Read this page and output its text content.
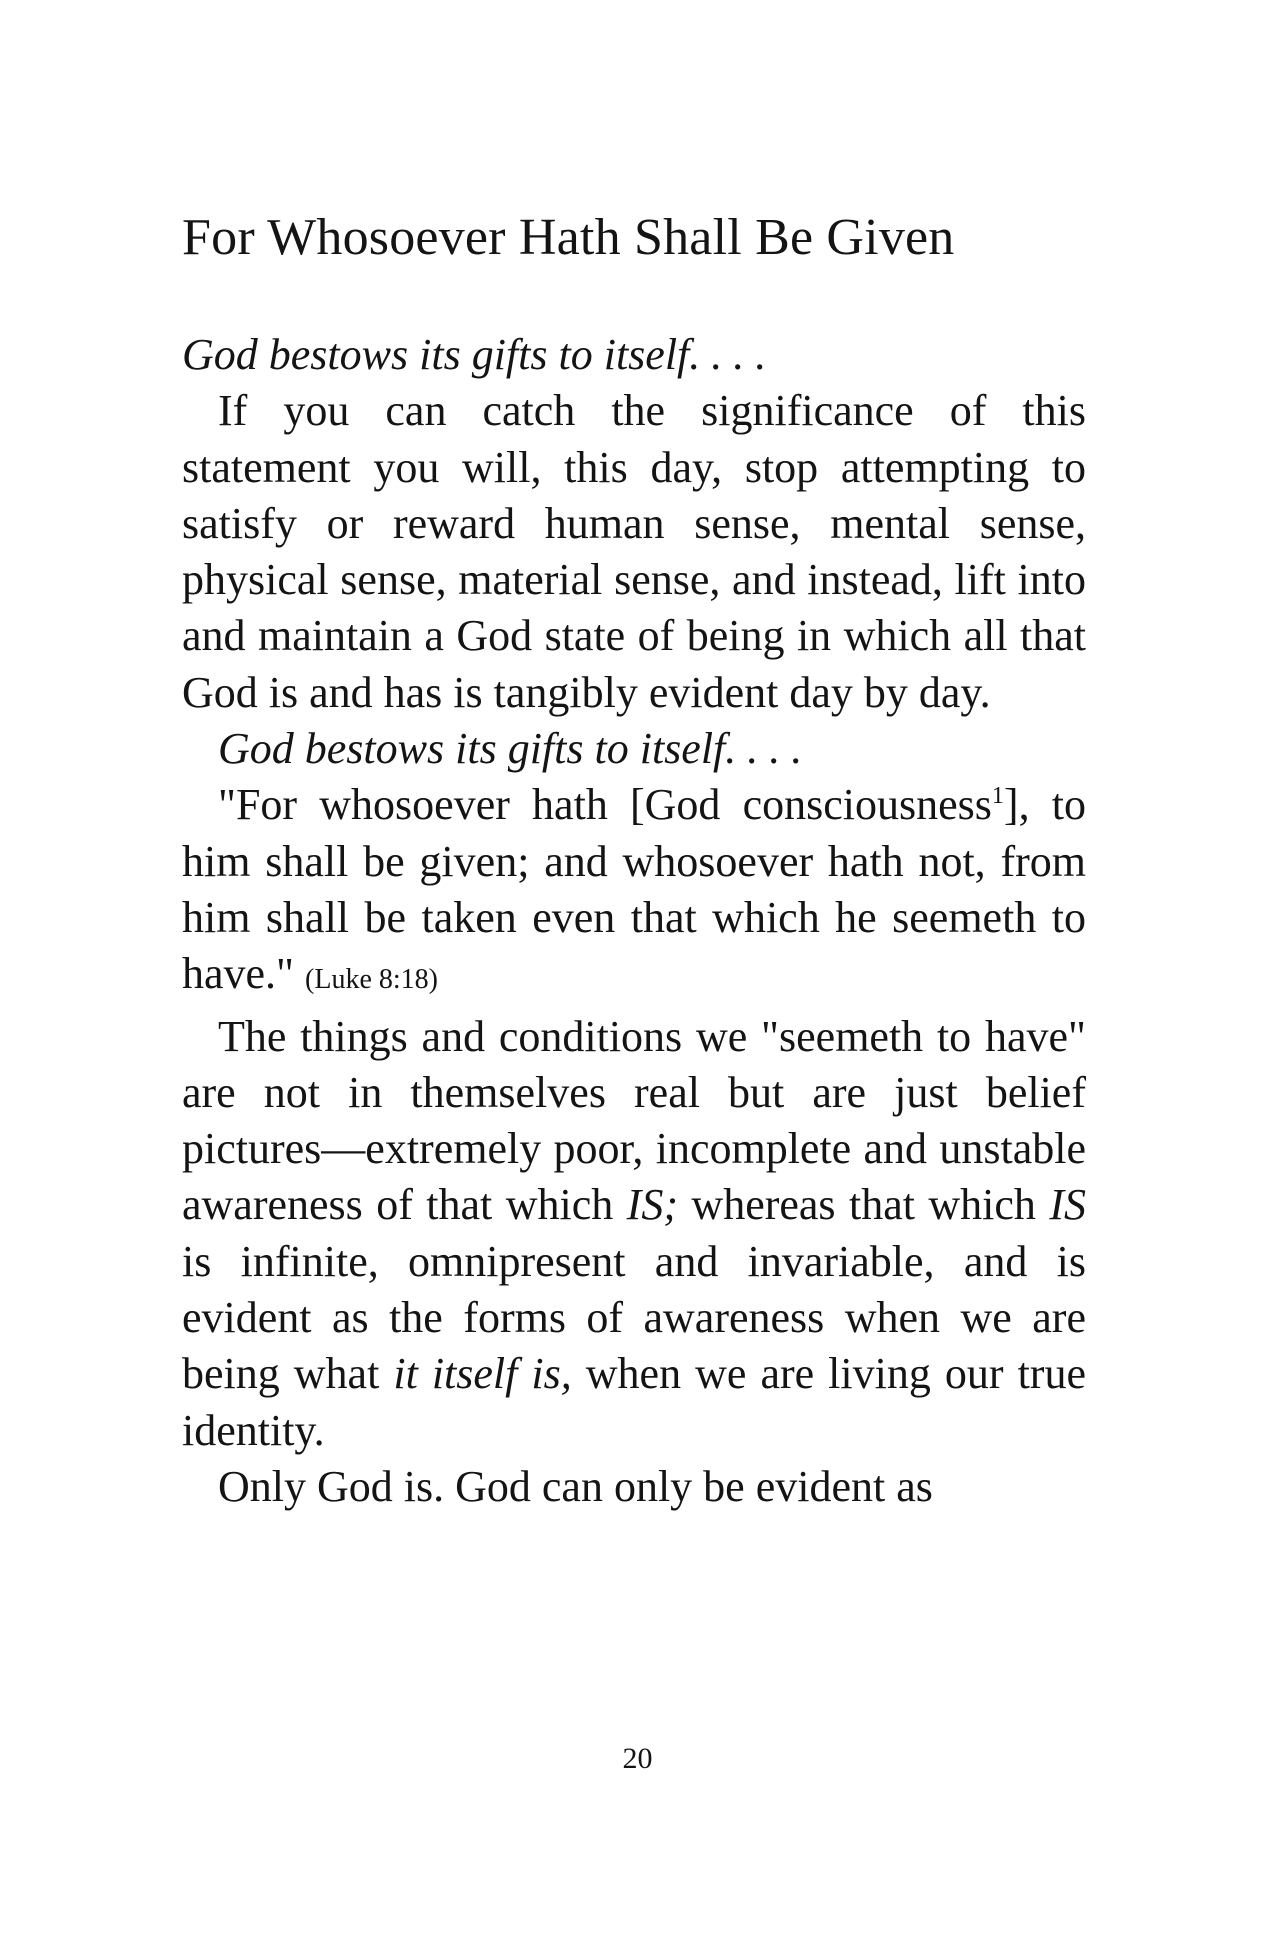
For Whosoever Hath Shall Be Given

God bestows its gifts to itself. . . .

If you can catch the significance of this statement you will, this day, stop attempting to satisfy or reward human sense, mental sense, physical sense, material sense, and instead, lift into and maintain a God state of being in which all that God is and has is tangibly evident day by day.

God bestows its gifts to itself. . . .

"For whosoever hath [God consciousness$^1$], to him shall be given; and whosoever hath not, from him shall be taken even that which he seemeth to have." (Luke 8:18)

The things and conditions we "seemeth to have" are not in themselves real but are just belief pictures—extremely poor, incomplete and unstable awareness of that which IS; whereas that which IS is infinite, omnipresent and invariable, and is evident as the forms of awareness when we are being what it itself is, when we are living our true identity.

Only God is. God can only be evident as

20
